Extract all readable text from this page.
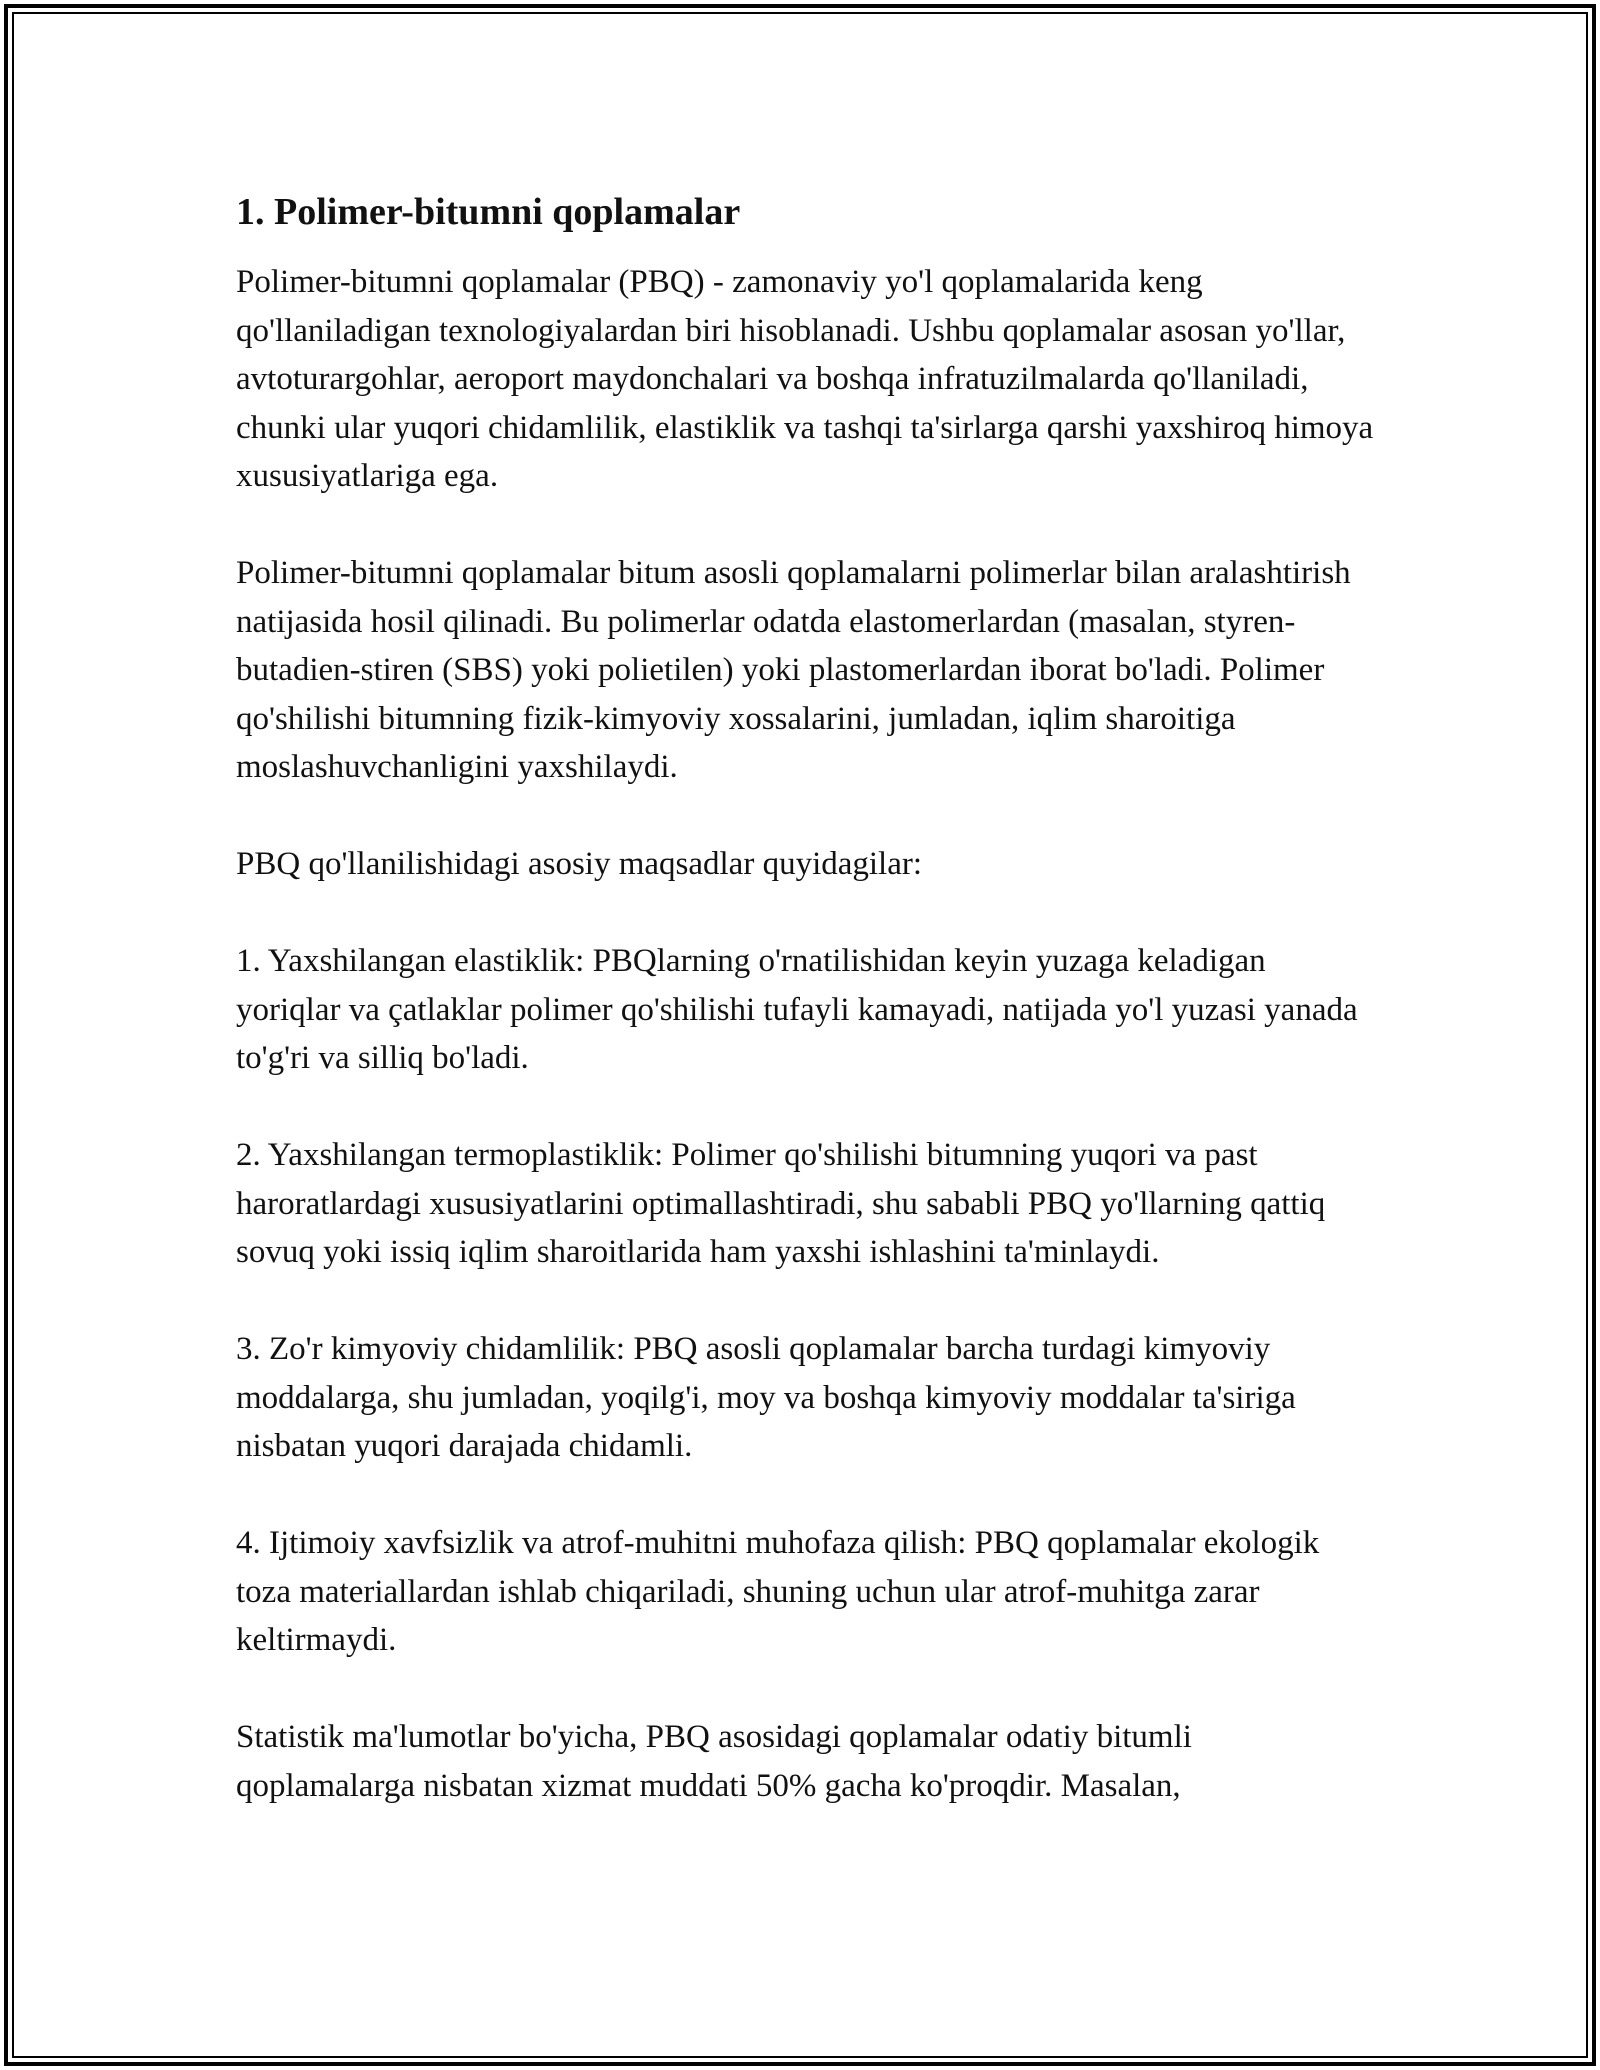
1. Polimer-bitumni qoplamalar

Polimer-bitumni qoplamalar (PBQ) - zamonaviy yo'l qoplamalarida keng qo'llaniladigan texnologiyalardan biri hisoblanadi. Ushbu qoplamalar asosan yo'llar, avtoturargohlar, aeroport maydonchalari va boshqa infratuzilmalarda qo'llaniladi, chunki ular yuqori chidamlilik, elastiklik va tashqi ta'sirlarga qarshi yaxshiroq himoya xususiyatlariga ega.

Polimer-bitumni qoplamalar bitum asosli qoplamalarni polimerlar bilan aralashtirish natijasida hosil qilinadi. Bu polimerlar odatda elastomerlardan (masalan, styren-butadien-stiren (SBS) yoki polietilen) yoki plastomerlardan iborat bo'ladi. Polimer qo'shilishi bitumning fizik-kimyoviy xossalarini, jumladan, iqlim sharoitiga moslashuvchanligini yaxshilaydi.

PBQ qo'llanilishidagi asosiy maqsadlar quyidagilar:

1. Yaxshilangan elastiklik: PBQlarning o'rnatilishidan keyin yuzaga keladigan yoriqlar va çatlaklar polimer qo'shilishi tufayli kamayadi, natijada yo'l yuzasi yanada to'g'ri va silliq bo'ladi.

2. Yaxshilangan termoplastiklik: Polimer qo'shilishi bitumning yuqori va past haroratlardagi xususiyatlarini optimallashtiradi, shu sababli PBQ yo'llarning qattiq sovuq yoki issiq iqlim sharoitlarida ham yaxshi ishlashini ta'minlaydi.

3. Zo'r kimyoviy chidamlilik: PBQ asosli qoplamalar barcha turdagi kimyoviy moddalarga, shu jumladan, yoqilg'i, moy va boshqa kimyoviy moddalar ta'siriga nisbatan yuqori darajada chidamli.

4. Ijtimoiy xavfsizlik va atrof-muhitni muhofaza qilish: PBQ qoplamalar ekologik toza materiallardan ishlab chiqariladi, shuning uchun ular atrof-muhitga zarar keltirmaydi.

Statistik ma'lumotlar bo'yicha, PBQ asosidagi qoplamalar odatiy bitumli qoplamalarga nisbatan xizmat muddati 50% gacha ko'proqdir. Masalan,
